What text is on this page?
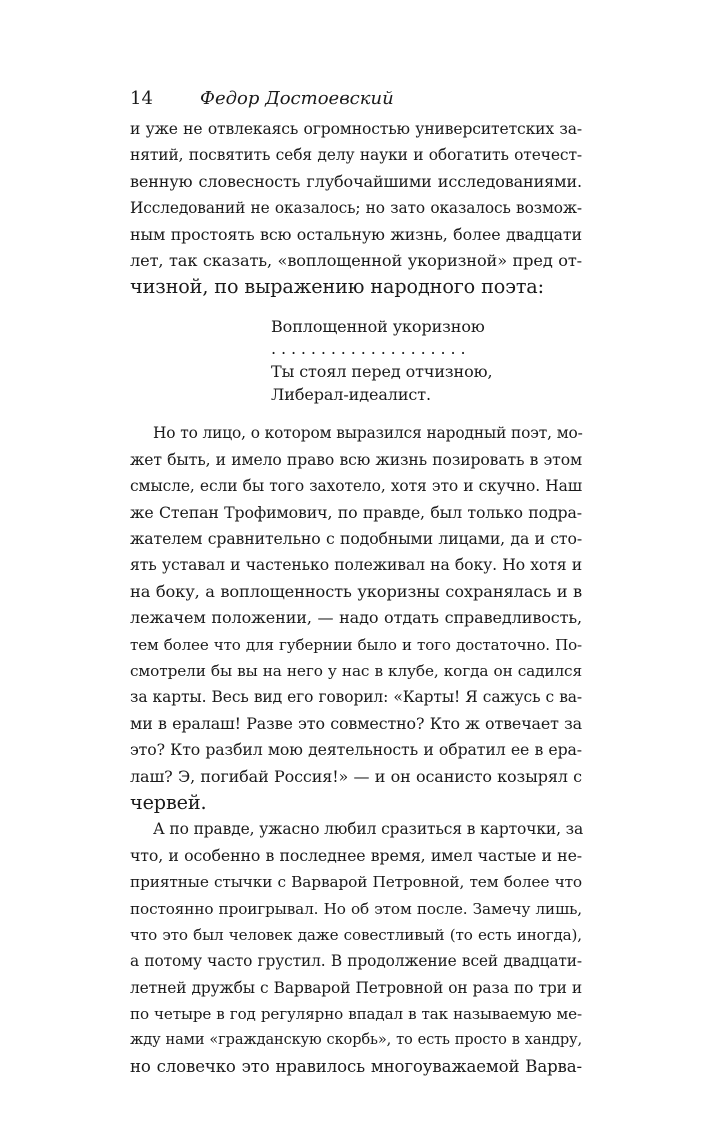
14	Федор Достоевский
и уже не отвлекаясь огромностью университетских за-
нятий, посвятить себя делу науки и обогатить отечест-
венную словесность глубочайшими исследованиями.
Исследований не оказалось; но зато оказалось возмож-
ным простоять всю остальную жизнь, более двадцати
лет, так сказать, «воплощенной укоризной» пред от-
чизной, по выражению народного поэта:
Воплощенной укоризною
. . . . . . . . . . . . . . . . . . . .
Ты стоял перед отчизною,
Либерал-идеалист.
Но то лицо, о котором выразился народный поэт, мо-
жет быть, и имело право всю жизнь позировать в этом
смысле, если бы того захотело, хотя это и скучно. Наш
же Степан Трофимович, по правде, был только подра-
жателем сравнительно с подобными лицами, да и сто-
ять уставал и частенько полеживал на боку. Но хотя и
на боку, а воплощенность укоризны сохранялась и в
лежачем положении, — надо отдать справедливость,
тем более что для губернии было и того достаточно. По-
смотрели бы вы на него у нас в клубе, когда он садился
за карты. Весь вид его говорил: «Карты! Я сажусь с ва-
ми в ералаш! Разве это совместно? Кто ж отвечает за
это? Кто разбил мою деятельность и обратил ее в ера-
лаш? Э, погибай Россия!» — и он осанисто козырял с
червей.
А по правде, ужасно любил сразиться в карточки, за
что, и особенно в последнее время, имел частые и не-
приятные стычки с Варварой Петровной, тем более что
постоянно проигрывал. Но об этом после. Замечу лишь,
что это был человек даже совестливый (то есть иногда),
а потому часто грустил. В продолжение всей двадцати-
летней дружбы с Варварой Петровной он раза по три и
по четыре в год регулярно впадал в так называемую ме-
жду нами «гражданскую скорбь», то есть просто в хандру,
но словечко это нравилось многоуважаемой Варва-
